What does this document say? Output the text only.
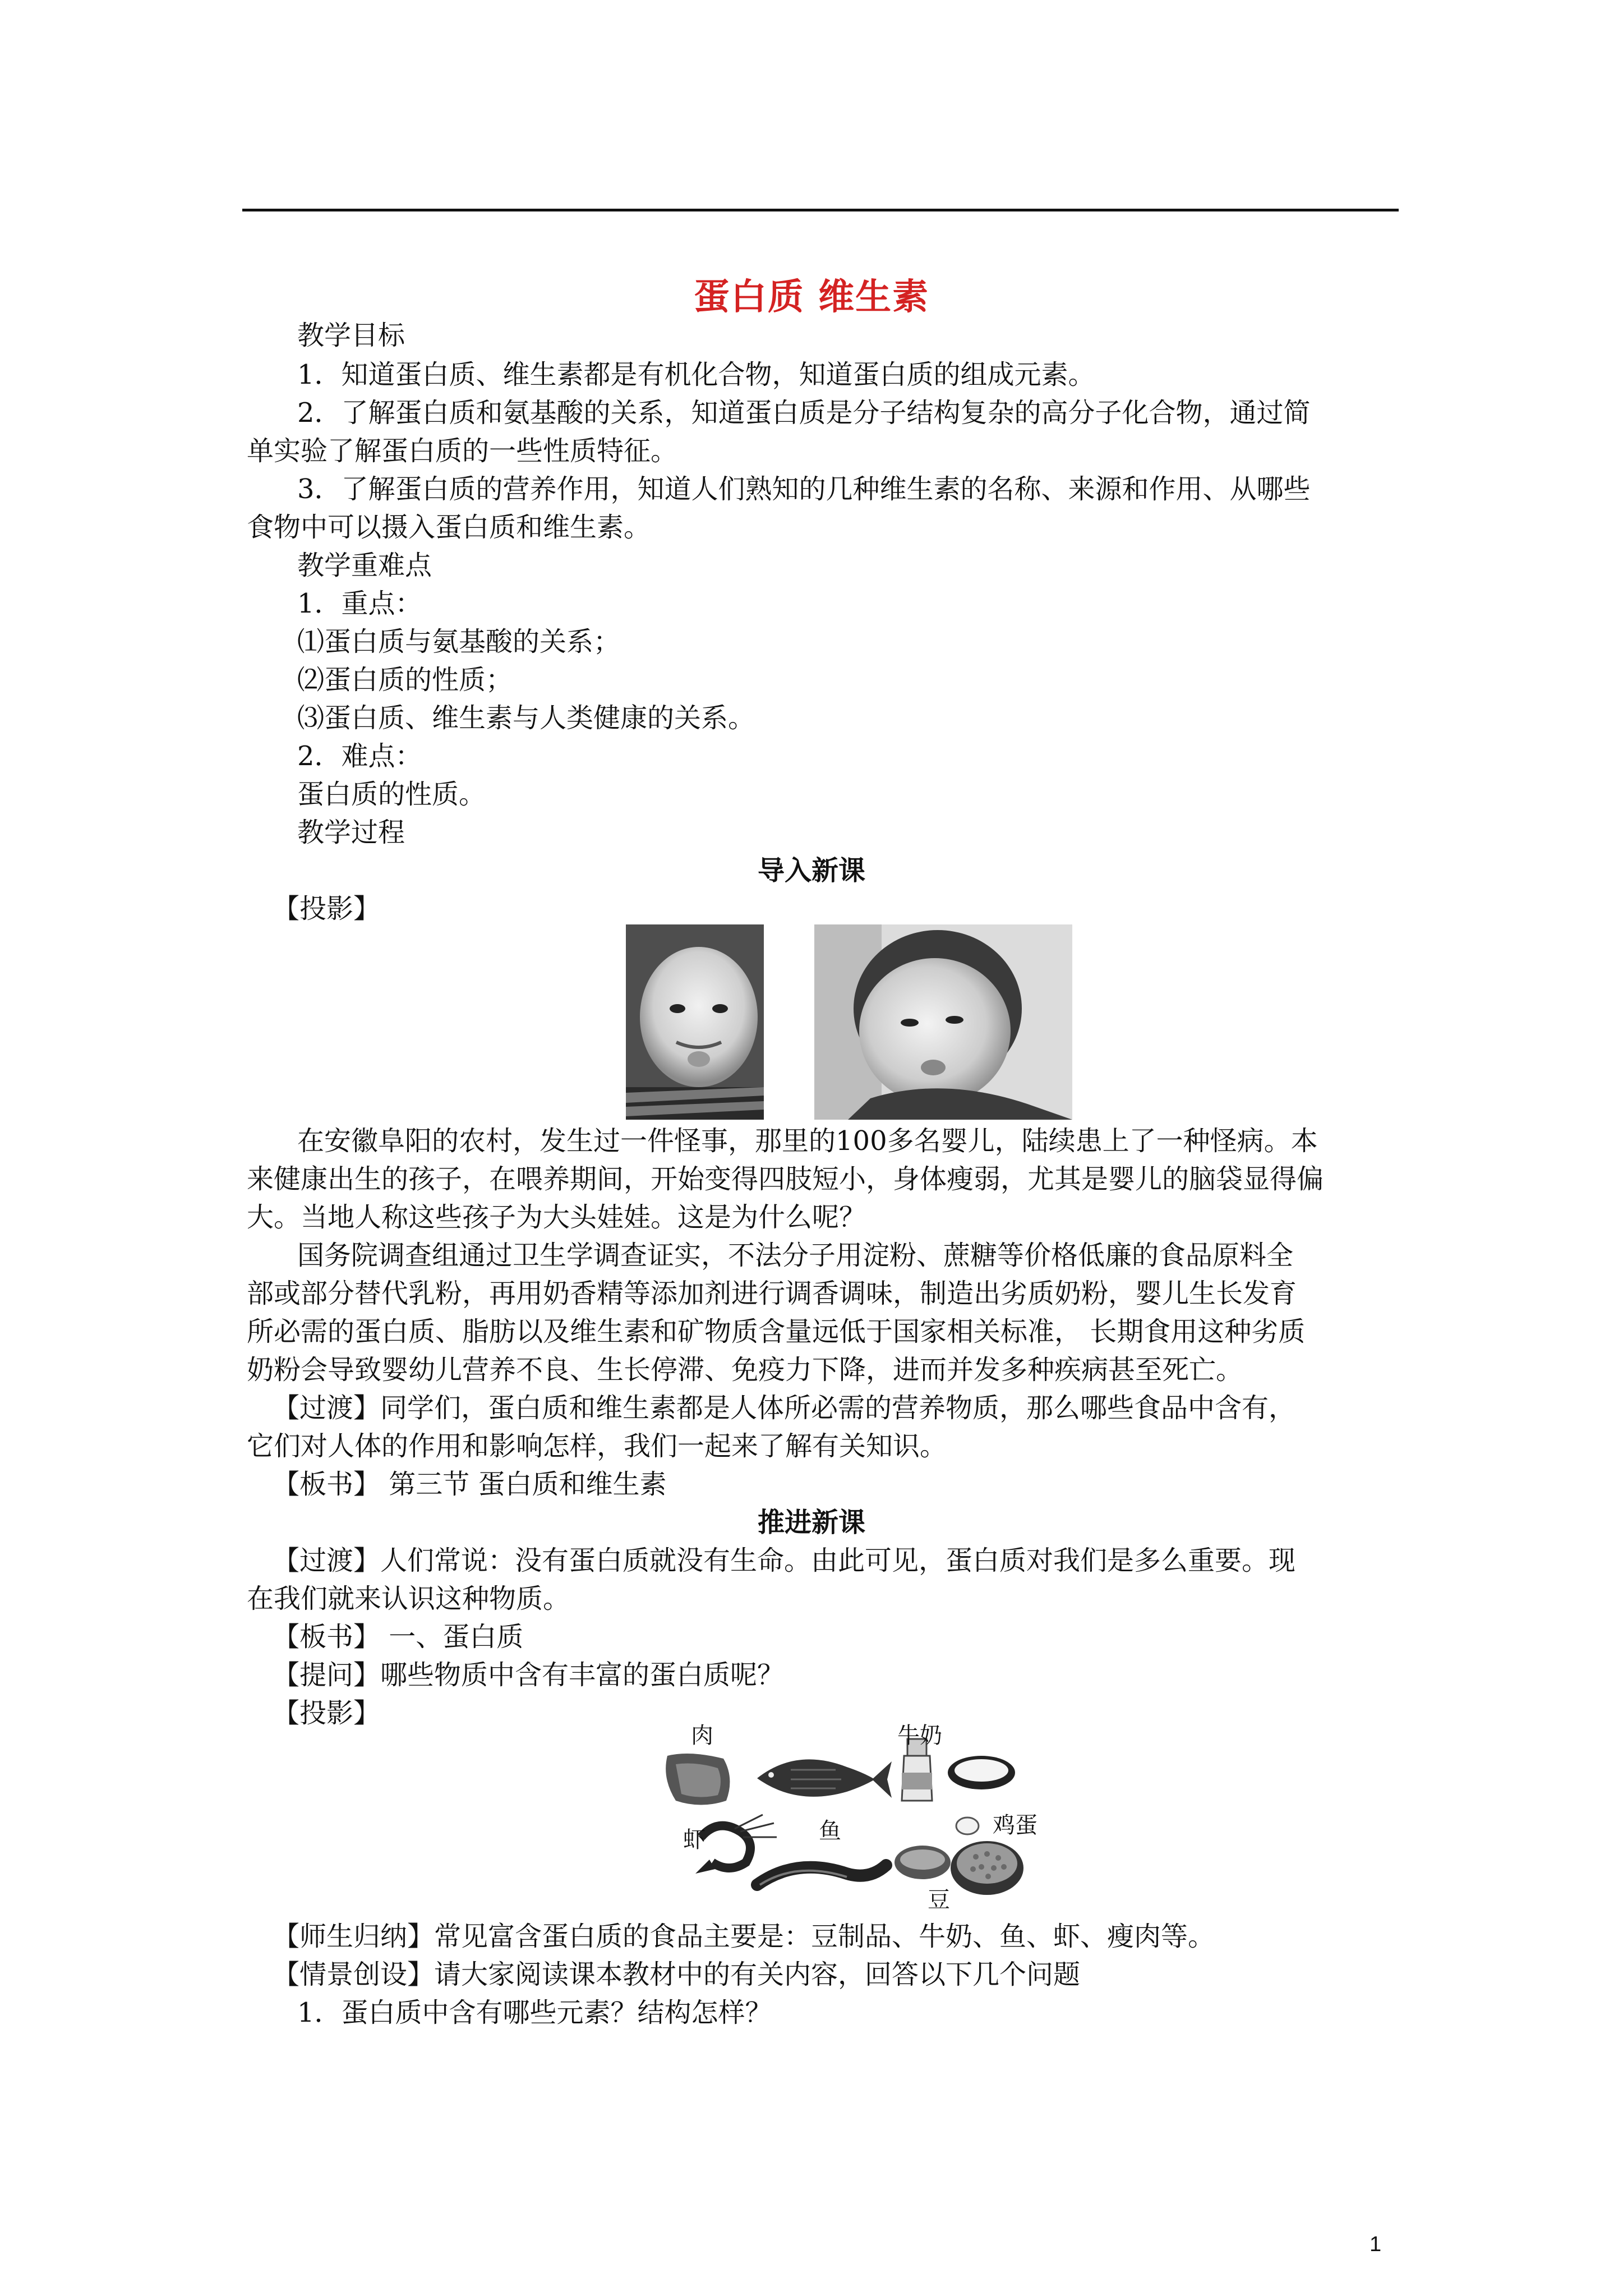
蛋白质 维生素
教学目标
1．知道蛋白质、维生素都是有机化合物，知道蛋白质的组成元素。
2．了解蛋白质和氨基酸的关系，知道蛋白质是分子结构复杂的高分子化合物，通过简
单实验了解蛋白质的一些性质特征。
3．了解蛋白质的营养作用，知道人们熟知的几种维生素的名称、来源和作用、从哪些
食物中可以摄入蛋白质和维生素。
教学重难点
1．重点：
⑴蛋白质与氨基酸的关系；
⑵蛋白质的性质；
⑶蛋白质、维生素与人类健康的关系。
2．难点：
蛋白质的性质。
教学过程
导入新课
【投影】
在安徽阜阳的农村，发生过一件怪事，那里的100多名婴儿，陆续患上了一种怪病。本
来健康出生的孩子，在喂养期间，开始变得四肢短小，身体瘦弱，尤其是婴儿的脑袋显得偏
大。当地人称这些孩子为大头娃娃。这是为什么呢？
国务院调查组通过卫生学调查证实，不法分子用淀粉、蔗糖等价格低廉的食品原料全
部或部分替代乳粉，再用奶香精等添加剂进行调香调味，制造出劣质奶粉，婴儿生长发育
所必需的蛋白质、脂肪以及维生素和矿物质含量远低于国家相关标准， 长期食用这种劣质
奶粉会导致婴幼儿营养不良、生长停滞、免疫力下降，进而并发多种疾病甚至死亡。
【过渡】同学们，蛋白质和维生素都是人体所必需的营养物质，那么哪些食品中含有，
它们对人体的作用和影响怎样，我们一起来了解有关知识。
【板书】 第三节 蛋白质和维生素
推进新课
【过渡】人们常说：没有蛋白质就没有生命。由此可见，蛋白质对我们是多么重要。现
在我们就来认识这种物质。
【板书】 一、蛋白质
【提问】哪些物质中含有丰富的蛋白质呢？
【投影】
肉	牛奶
鸡蛋
虾	鱼
豆
【师生归纳】常见富含蛋白质的食品主要是：豆制品、牛奶、鱼、虾、瘦肉等。
【情景创设】请大家阅读课本教材中的有关内容，回答以下几个问题
1．蛋白质中含有哪些元素？结构怎样？
1
